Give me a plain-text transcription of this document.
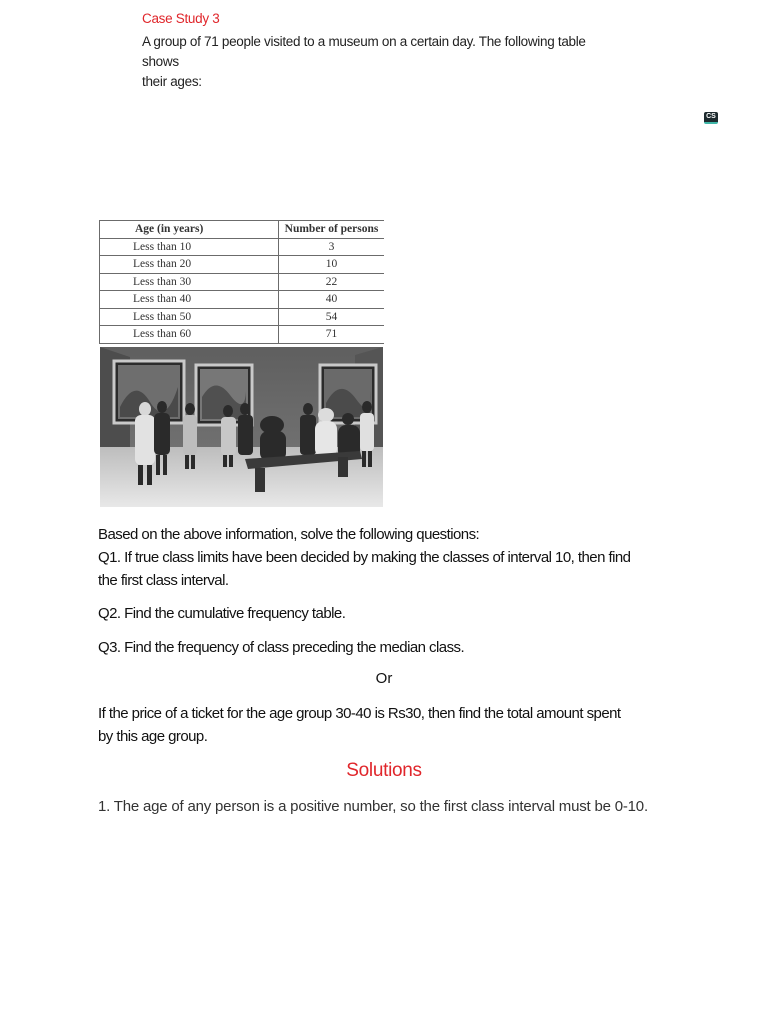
Case Study 3
A group of 71 people visited to a museum on a certain day. The following table shows
their ages:
CS
Age (in years)	Number of persons
Less than 10	3
Less than 20	10
Less than 30	22
Less than 40	40
Less than 50	54
Less than 60	71
Based on the above information, solve the following questions:
Q1. If true class limits have been decided by making the classes of interval 10, then find
the first class interval.
Q2. Find the cumulative frequency table.
Q3. Find the frequency of class preceding the median class.
Or
If the price of a ticket for the age group 30-40 is Rs30, then find the total amount spent
by this age group.
Solutions
1. The age of any person is a positive number, so the first class interval must be 0-10.
